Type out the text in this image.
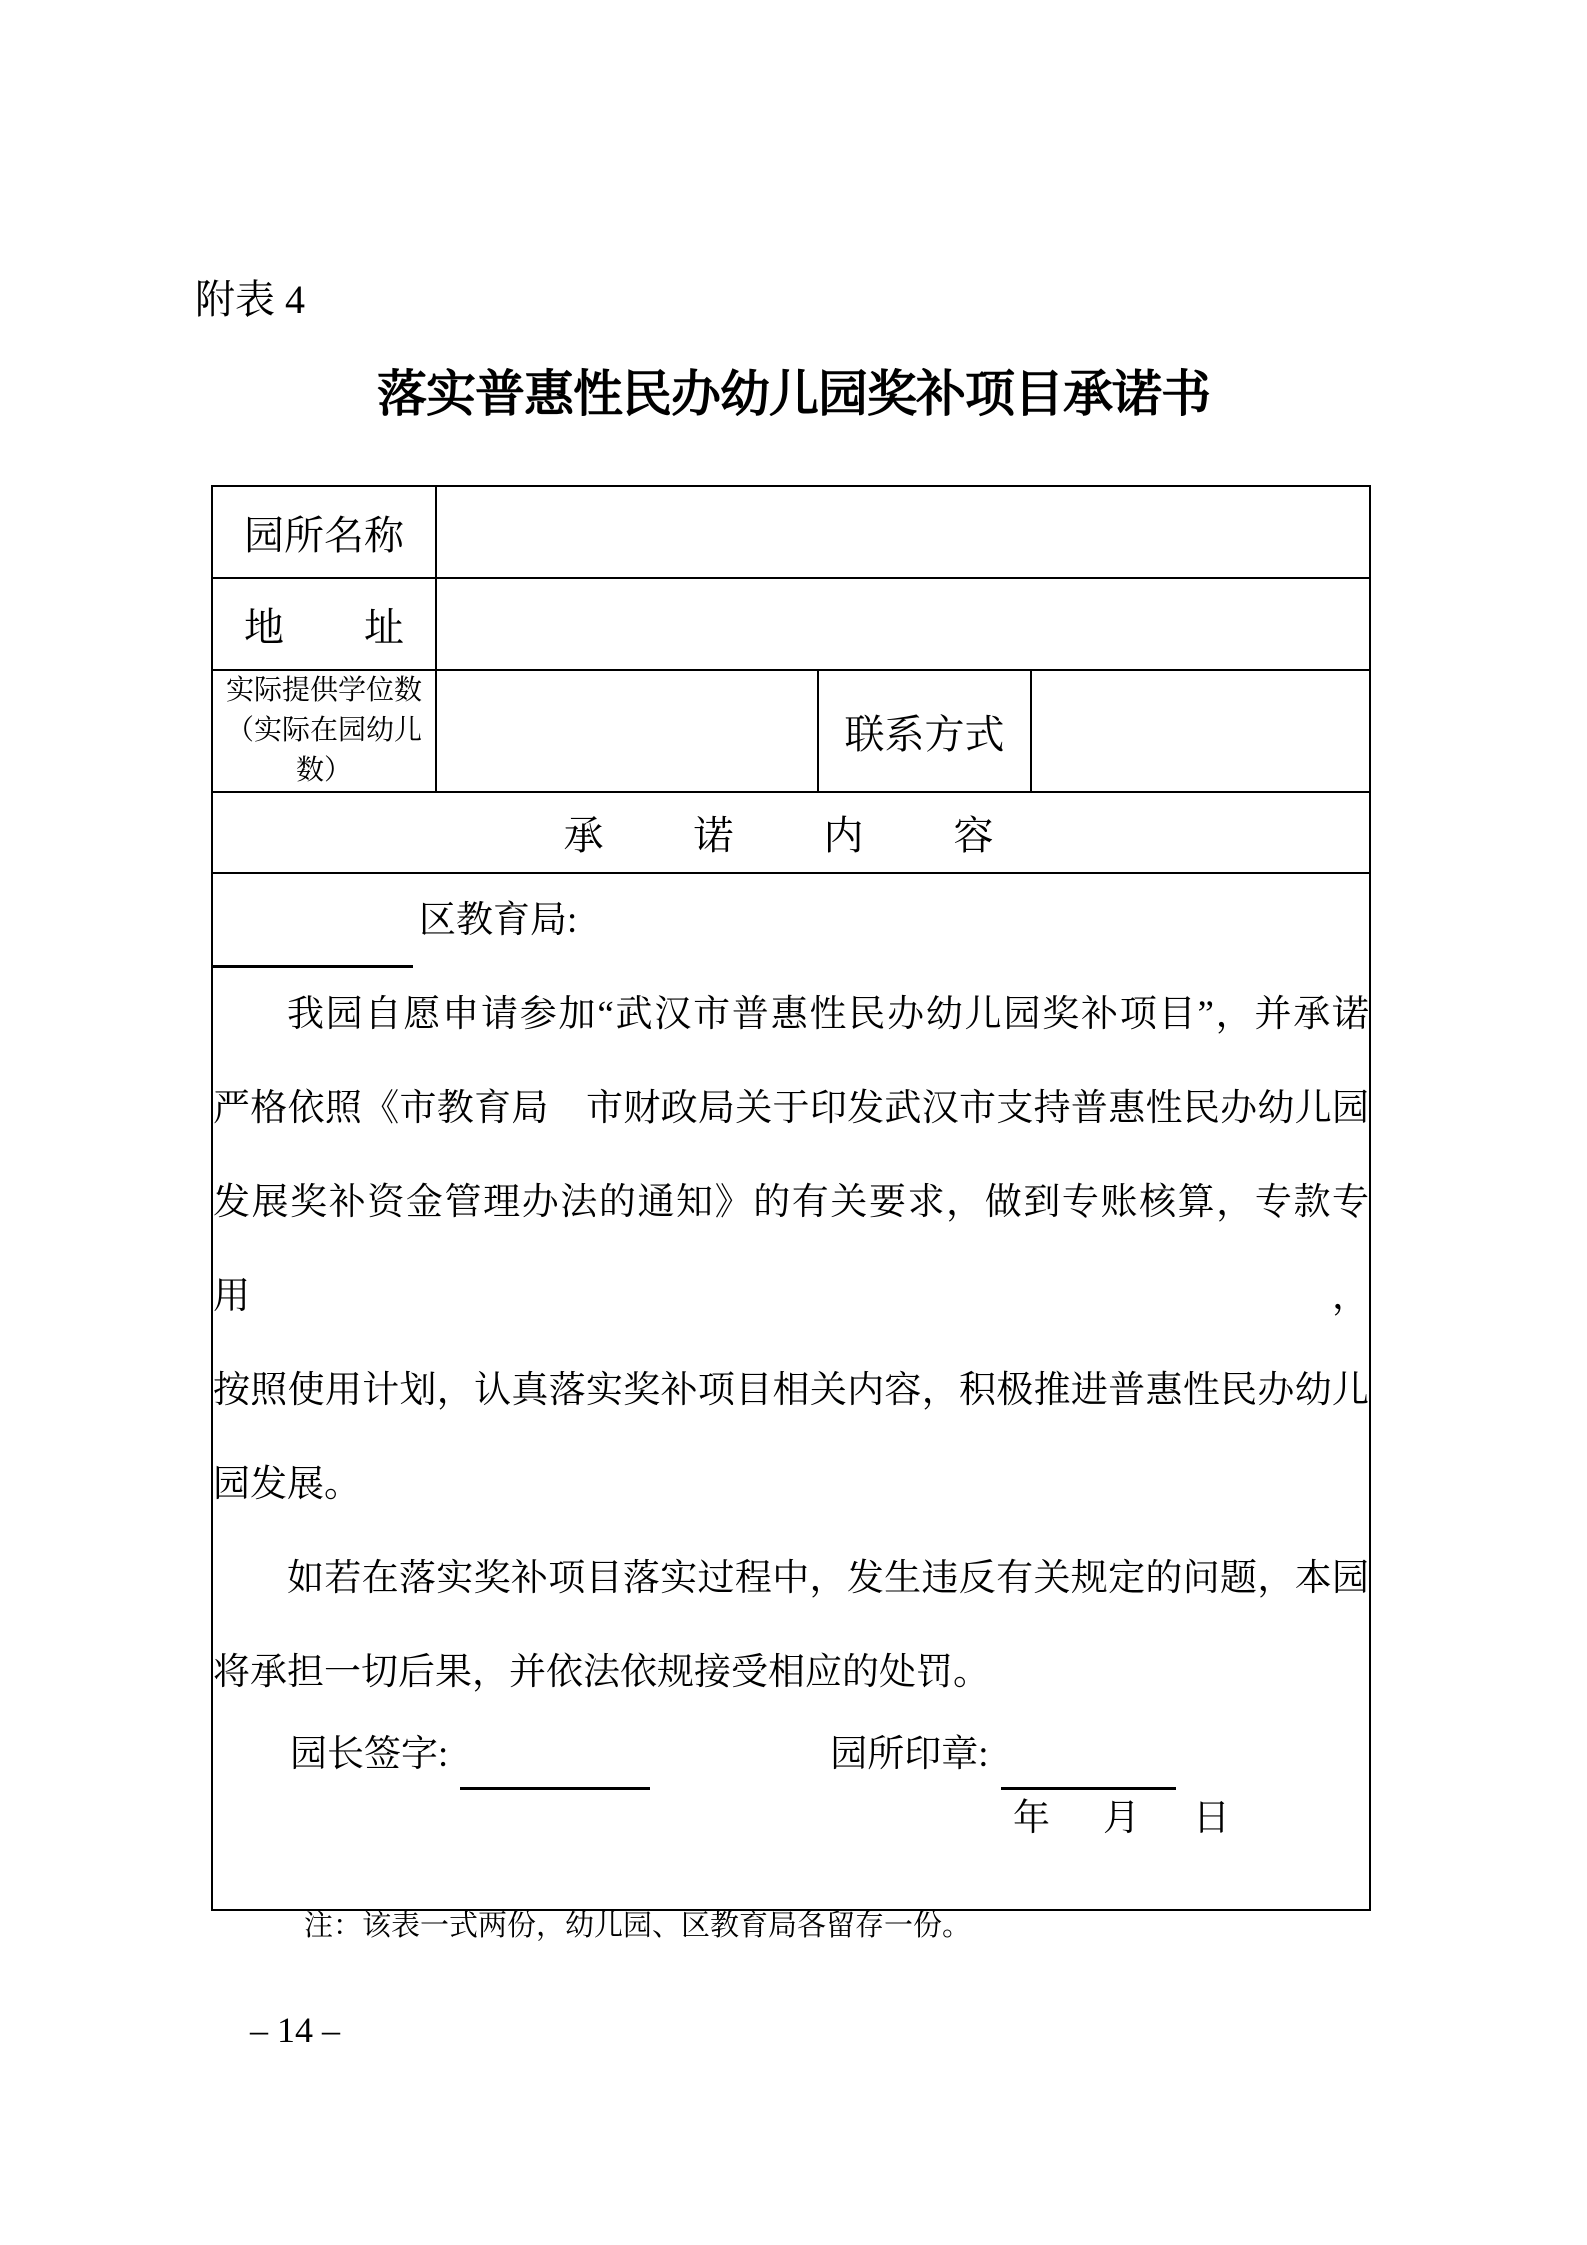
附表 4
落实普惠性民办幼儿园奖补项目承诺书
园所名称			
地　　址			

实际提供学位数
（实际在园幼儿数）		联系方式	
承　诺　内　容			

区教育局:
我园自愿申请参加“武汉市普惠性民办幼儿园奖补项目”，并承诺
严格依照《市教育局　市财政局关于印发武汉市支持普惠性民办幼儿园
发展奖补资金管理办法的通知》的有关要求，做到专账核算，专款专用，
按照使用计划，认真落实奖补项目相关内容，积极推进普惠性民办幼儿
园发展。
如若在落实奖补项目落实过程中，发生违反有关规定的问题，本园
将承担一切后果，并依法依规接受相应的处罚。
园长签字:	园所印章:
年　月　日
注：该表一式两份，幼儿园、区教育局各留存一份。
– 14 –
